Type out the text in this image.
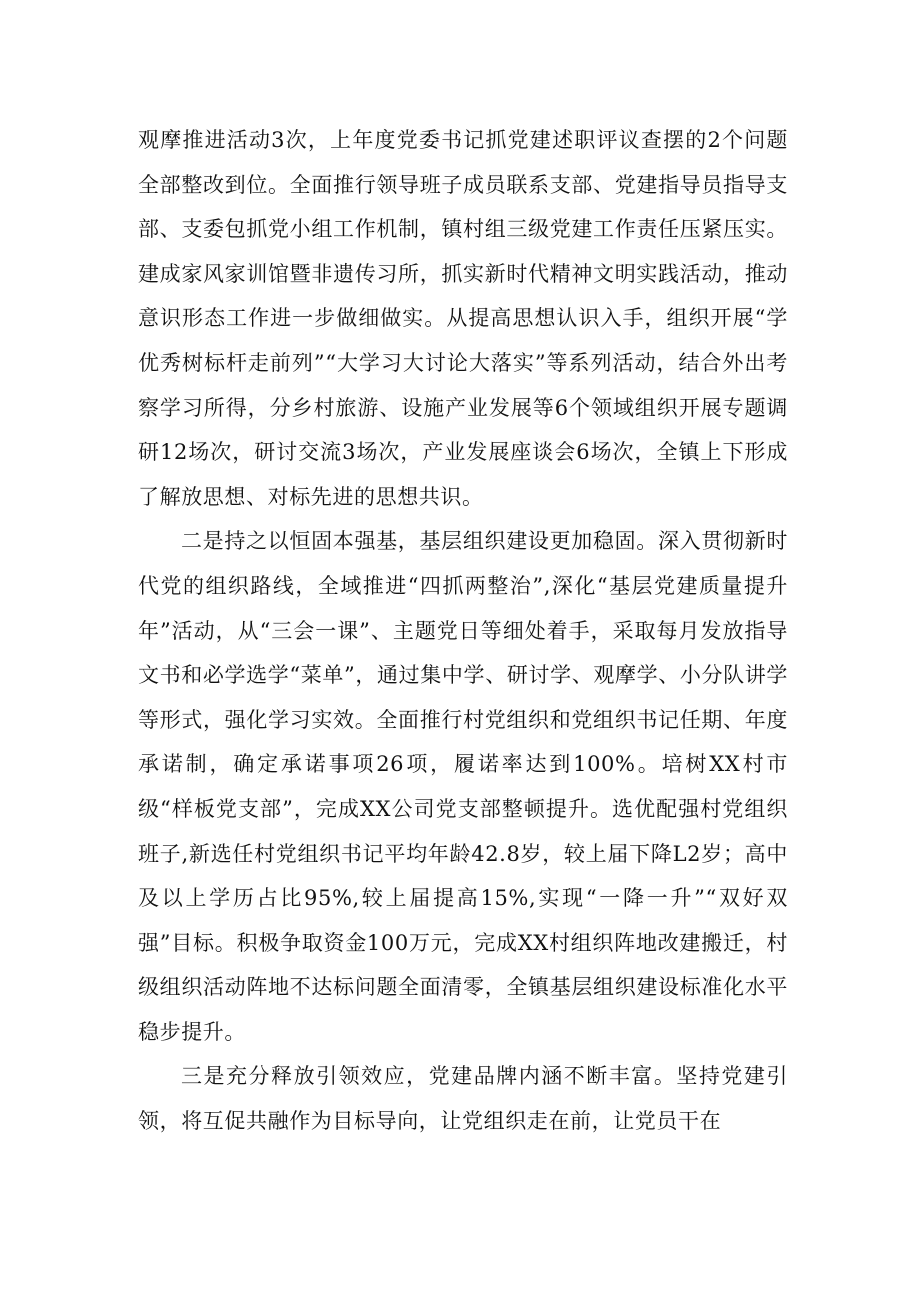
观摩推进活动3次，上年度党委书记抓党建述职评议查摆的2个问题全部整改到位。全面推行领导班子成员联系支部、党建指导员指导支部、支委包抓党小组工作机制，镇村组三级党建工作责任压紧压实。建成家风家训馆暨非遗传习所，抓实新时代精神文明实践活动，推动意识形态工作进一步做细做实。从提高思想认识入手，组织开展“学优秀树标杆走前列”“大学习大讨论大落实”等系列活动，结合外出考察学习所得，分乡村旅游、设施产业发展等6个领域组织开展专题调研12场次，研讨交流3场次，产业发展座谈会6场次，全镇上下形成了解放思想、对标先进的思想共识。

二是持之以恒固本强基，基层组织建设更加稳固。深入贯彻新时代党的组织路线，全域推进“四抓两整治”,深化“基层党建质量提升年”活动，从“三会一课”、主题党日等细处着手，采取每月发放指导文书和必学选学“菜单”，通过集中学、研讨学、观摩学、小分队讲学等形式，强化学习实效。全面推行村党组织和党组织书记任期、年度承诺制，确定承诺事项26项，履诺率达到100%。培树XX村市级“样板党支部”，完成XX公司党支部整顿提升。选优配强村党组织班子,新选任村党组织书记平均年龄42.8岁，较上届下降L2岁；高中及以上学历占比95%,较上届提高15%,实现“一降一升”“双好双强”目标。积极争取资金100万元，完成XX村组织阵地改建搬迁，村级组织活动阵地不达标问题全面清零，全镇基层组织建设标准化水平稳步提升。

三是充分释放引领效应，党建品牌内涵不断丰富。坚持党建引领，将互促共融作为目标导向，让党组织走在前，让党员干在
